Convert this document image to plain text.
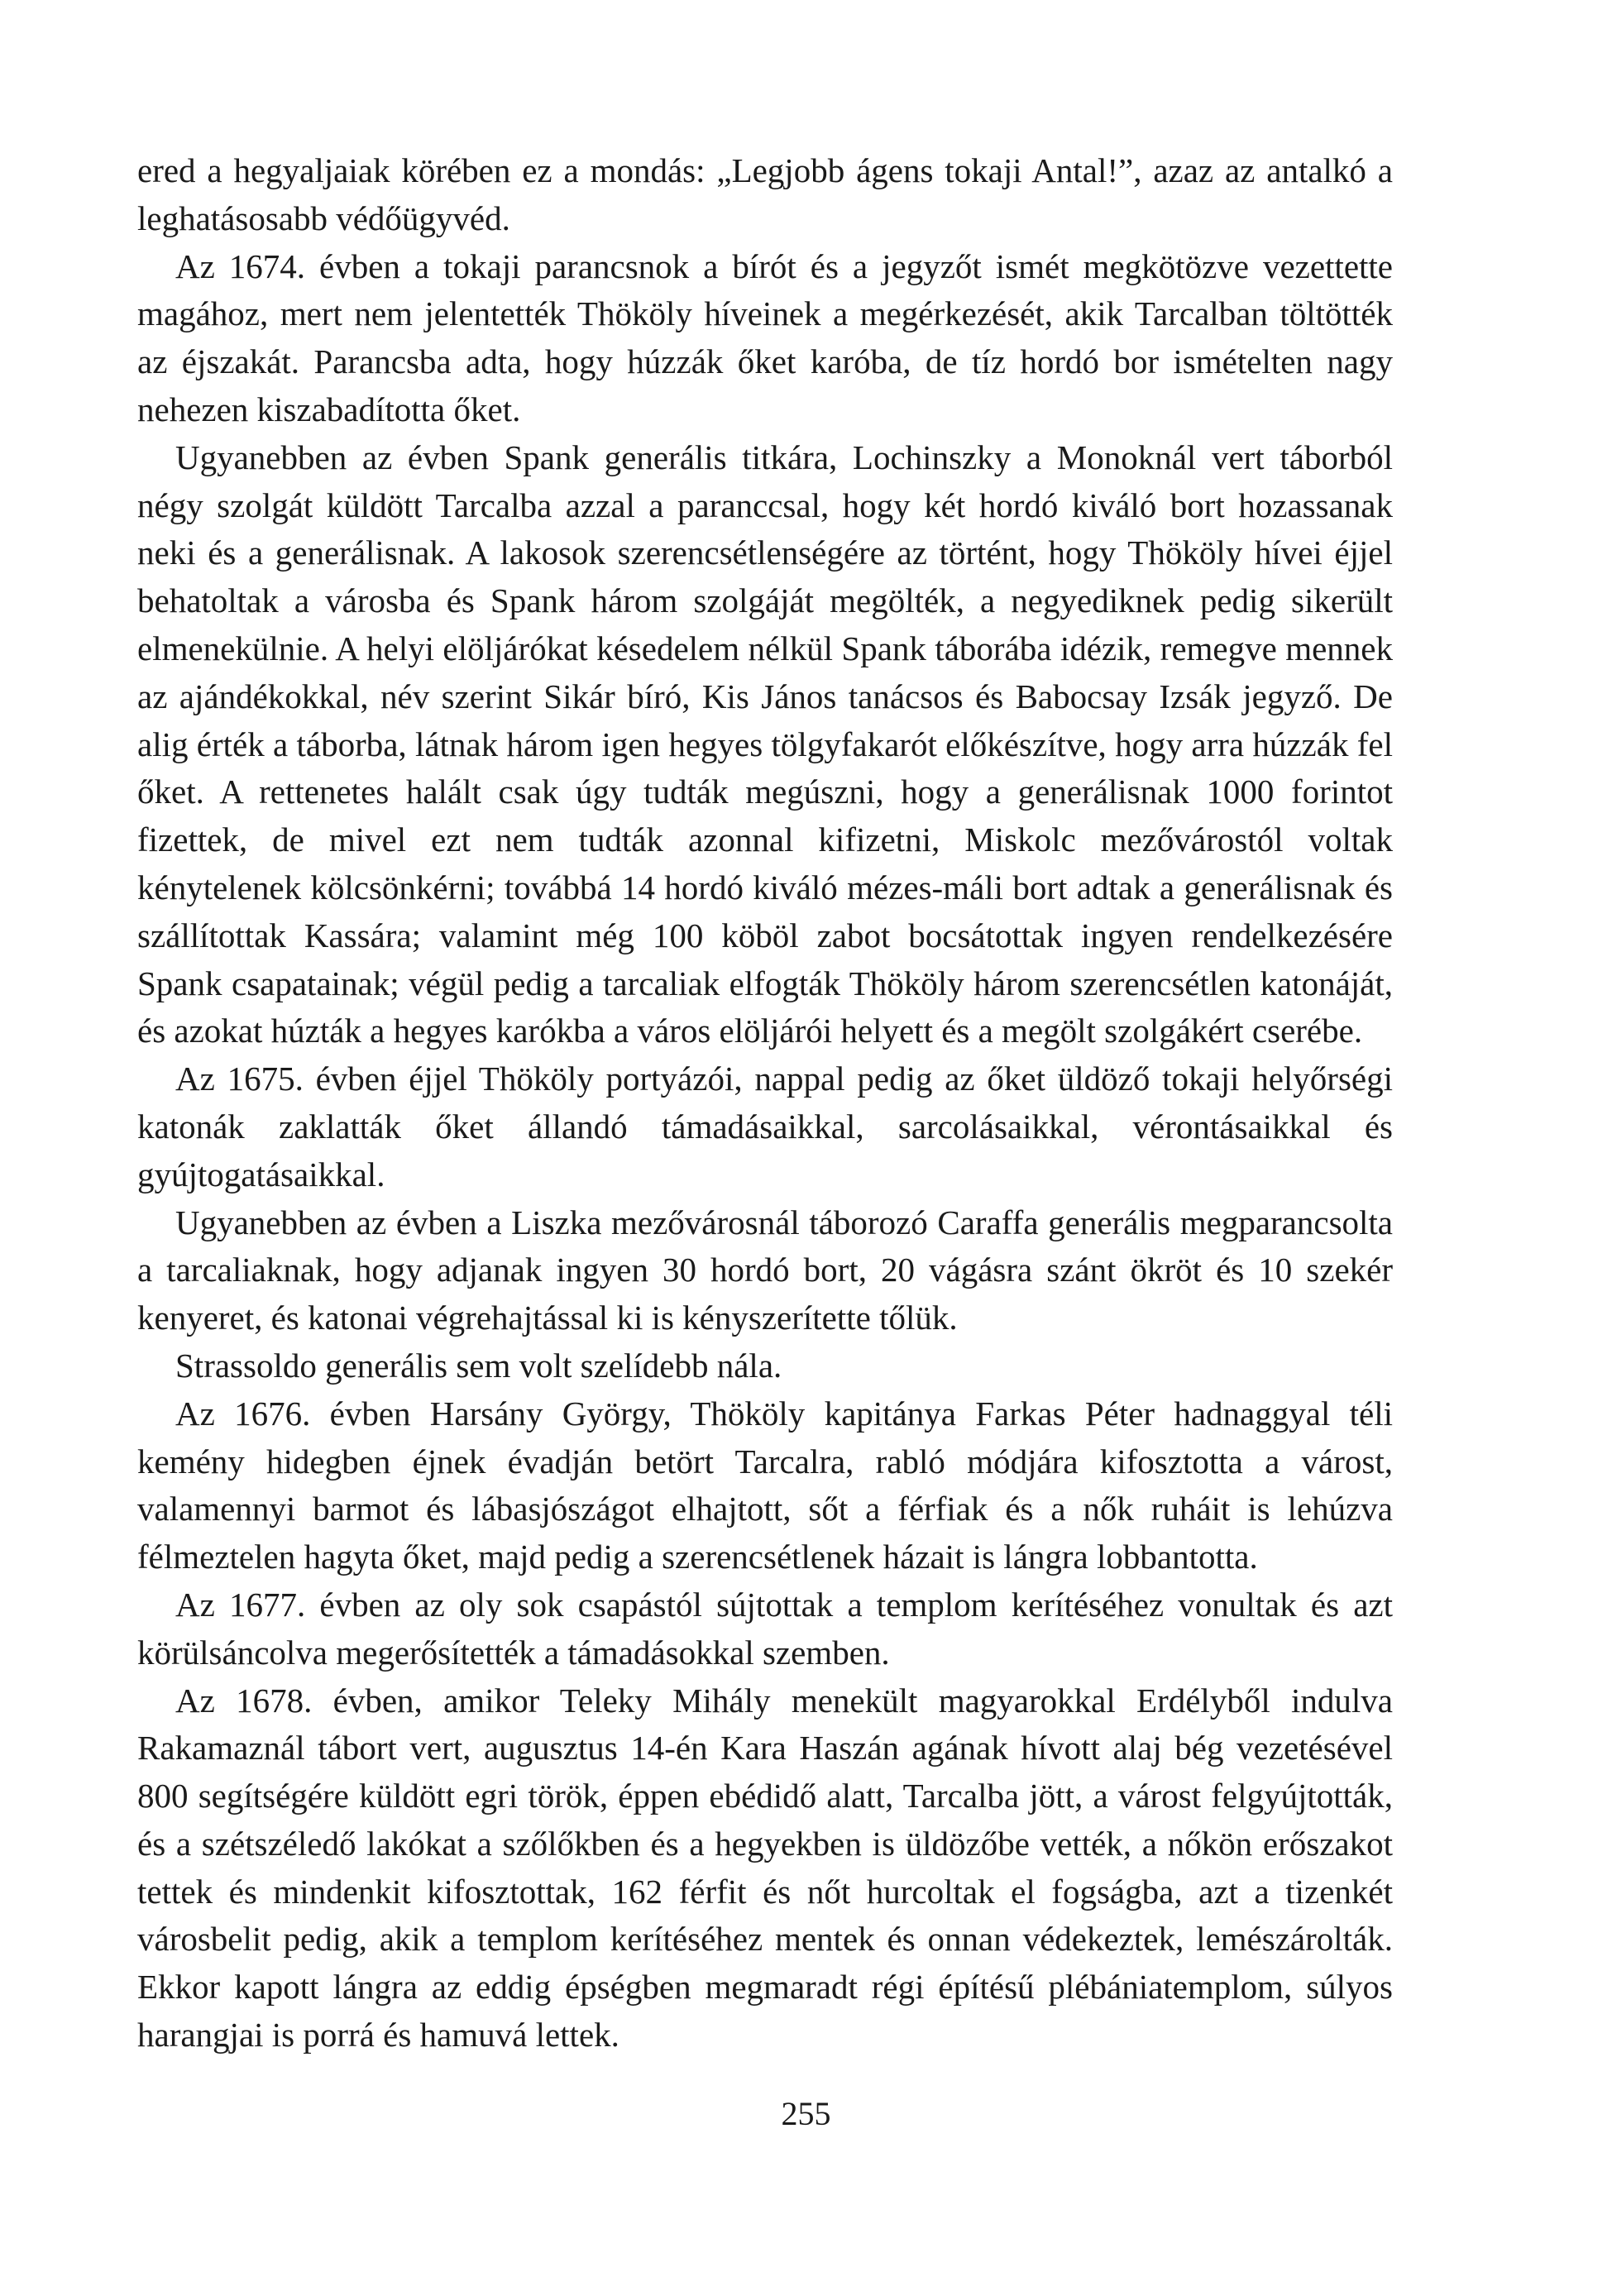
ered a hegyaljaiak körében ez a mondás: „Legjobb ágens tokaji Antal!”, azaz az antalkó a leghatásosabb védőügyvéd.

Az 1674. évben a tokaji parancsnok a bírót és a jegyzőt ismét megkötözve vezettette magához, mert nem jelentették Thököly híveinek a megérkezését, akik Tarcalban töltötték az éjszakát. Parancsba adta, hogy húzzák őket karóba, de tíz hordó bor ismételten nagy nehezen kiszabadította őket.

Ugyanebben az évben Spank generális titkára, Lochinszky a Monoknál vert táborból négy szolgát küldött Tarcalba azzal a paranccsal, hogy két hordó kiváló bort hozassanak neki és a generálisnak. A lakosok szerencsétlenségére az történt, hogy Thököly hívei éjjel behatoltak a városba és Spank három szolgáját megölték, a negyediknek pedig sikerült elmenekülnie. A helyi elöljárókat késedelem nélkül Spank táborába idézik, remegve mennek az ajándékokkal, név szerint Sikár bíró, Kis János tanácsos és Babocsay Izsák jegyző. De alig érték a táborba, látnak három igen hegyes tölgyfakarót előkészítve, hogy arra húzzák fel őket. A rettenetes halált csak úgy tudták megúszni, hogy a generálisnak 1000 forintot fizettek, de mivel ezt nem tudták azonnal kifizetni, Miskolc mezővárostól voltak kénytelenek kölcsönkérni; továbbá 14 hordó kiváló mézes-máli bort adtak a generálisnak és szállítottak Kassára; valamint még 100 köböl zabot bocsátottak ingyen rendelkezésére Spank csapatainak; végül pedig a tarcaliak elfogták Thököly három szerencsétlen katonáját, és azokat húzták a hegyes karókba a város elöljárói helyett és a megölt szolgákért cserébe.

Az 1675. évben éjjel Thököly portyázói, nappal pedig az őket üldöző tokaji helyőrségi katonák zaklatták őket állandó támadásaikkal, sarcolásaikkal, vérontásaikkal és gyújtogatásaikkal.

Ugyanebben az évben a Liszka mezővárosnál táborozó Caraffa generális megparancsolta a tarcaliaknak, hogy adjanak ingyen 30 hordó bort, 20 vágásra szánt ökröt és 10 szekér kenyeret, és katonai végrehajtással ki is kényszerítette tőlük.

Strassoldo generális sem volt szelídebb nála.

Az 1676. évben Harsány György, Thököly kapitánya Farkas Péter hadnaggyal téli kemény hidegben éjnek évadján betört Tarcalra, rabló módjára kifosztotta a várost, valamennyi barmot és lábasjószágot elhajtott, sőt a férfiak és a nők ruháit is lehúzva félmeztelen hagyta őket, majd pedig a szerencsétlenek házait is lángra lobbantotta.

Az 1677. évben az oly sok csapástól sújtottak a templom kerítéséhez vonultak és azt körülsáncolva megerősítették a támadásokkal szemben.

Az 1678. évben, amikor Teleky Mihály menekült magyarokkal Erdélyből indulva Rakamaznál tábort vert, augusztus 14-én Kara Haszán agának hívott alaj bég vezetésével 800 segítségére küldött egri török, éppen ebédidő alatt, Tarcalba jött, a várost felgyújtották, és a szétszéledő lakókat a szőlőkben és a hegyekben is üldözőbe vették, a nőkön erőszakot tettek és mindenkit kifosztottak, 162 férfit és nőt hurcoltak el fogságba, azt a tizenkét városbelit pedig, akik a templom kerítéséhez mentek és onnan védekeztek, lemészárolták. Ekkor kapott lángra az eddig épségben megmaradt régi építésű plébániatemplom, súlyos harangjai is porrá és hamuvá lettek.

255
